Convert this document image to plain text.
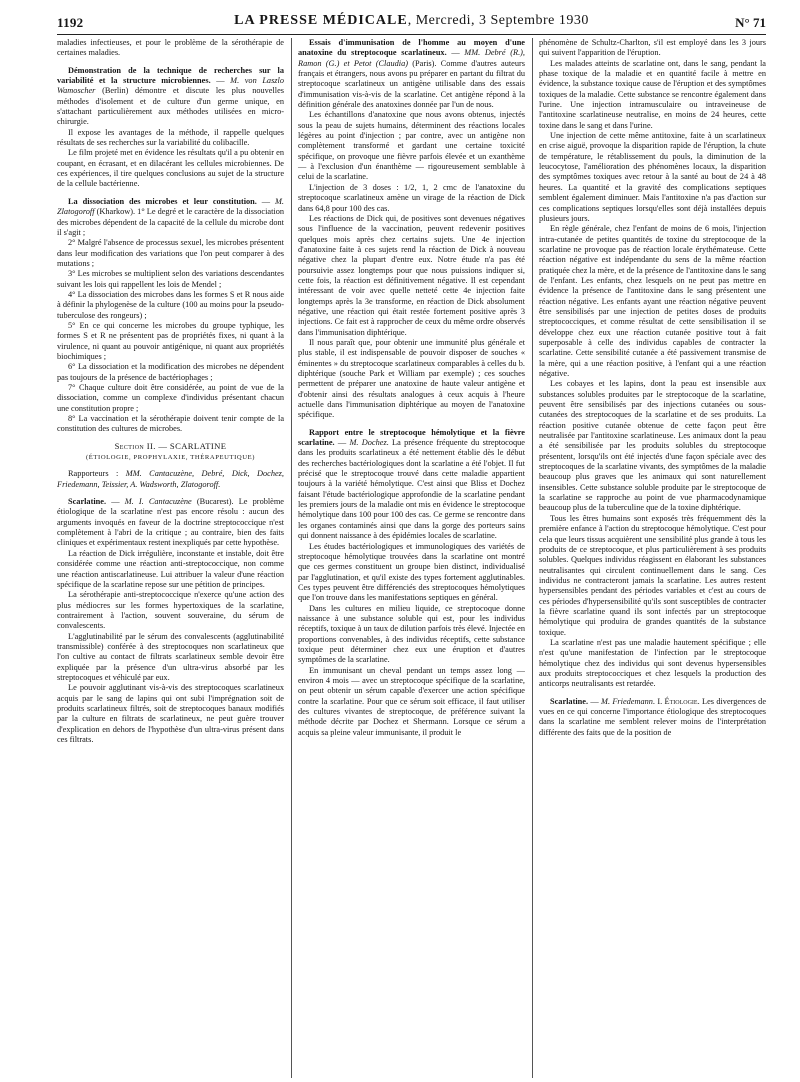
1192	LA PRESSE MÉDICALE, Mercredi, 3 Septembre 1930	N° 71

maladies infectieuses, et pour le problème de la sérothérapie de certaines maladies.

Démonstration de la technique de recherches sur la variabilité et la structure microbiennes. — M. von Laszlo Wamoscher (Berlin) démontre et discute les plus nouvelles méthodes d'isolement et de culture d'un germe unique, en s'attachant particulièrement aux méthodes utilisées en micro-chirurgie.

Il expose les avantages de la méthode, il rappelle quelques résultats de ses recherches sur la variabilité du colibacille.

Le film projeté met en évidence les résultats qu'il a pu obtenir en coupant, en écrasant, et en dilacérant les cellules microbiennes. De ces expériences, il tire quelques conclusions au sujet de la structure de la cellule bactérienne.

La dissociation des microbes et leur constitution. — M. Zlatogoroff (Kharkow). 1° Le degré et le caractère de la dissociation des microbes dépendent de la capacité de la cellule du microbe dont il s'agit ;

2° Malgré l'absence de processus sexuel, les microbes présentent dans leur modification des variations que l'on peut comparer à des mutations ;

3° Les microbes se multiplient selon des variations descendantes suivant les lois qui rappellent les lois de Mendel ;

4° La dissociation des microbes dans les formes S et R nous aide à définir la phylogenèse de la culture (100 au moins pour la pseudo-tuberculose des rongeurs) ;

5° En ce qui concerne les microbes du groupe typhique, les formes S et R ne présentent pas de propriétés fixes, ni quant à la virulence, ni quant au pouvoir antigénique, ni quant aux propriétés biochimiques ;

6° La dissociation et la modification des microbes ne dépendent pas toujours de la présence de bactériophages ;

7° Chaque culture doit être considérée, au point de vue de la dissociation, comme un complexe d'individus présentant chacun une constitution propre ;

8° La vaccination et la sérothérapie doivent tenir compte de la constitution des cultures de microbes.

Section II. — SCARLATINE
(ÉTIOLOGIE, PROPHYLAXIE, THÉRAPEUTIQUE)

Rapporteurs : MM. Cantacuzène, Debré, Dick, Dochez, Friedemann, Teissier, A. Wadsworth, Zlatogoroff.

Scarlatine. — M. I. Cantacuzène (Bucarest). Le problème étiologique de la scarlatine n'est pas encore résolu : aucun des arguments invoqués en faveur de la doctrine streptococcique n'est complètement à l'abri de la critique ; au contraire, bien des faits cliniques et expérimentaux restent inexpliqués par cette hypothèse.

La réaction de Dick irrégulière, inconstante et instable, doit être considérée comme une réaction anti-streptococcique, non comme une réaction antiscarlatineuse. Lui attribuer la valeur d'une réaction spécifique de la scarlatine repose sur une pétition de principes.

La sérothérapie anti-streptococcique n'exerce qu'une action des plus médiocres sur les formes hypertoxiques de la scarlatine, contrairement à l'action, souvent souveraine, du sérum de convalescents.

L'agglutinabilité par le sérum des convalescents (agglutinabilité transmissible) conférée à des streptocoques non scarlatineux que l'on cultive au contact de filtrats scarlatineux semble devoir être expliquée par la présence d'un ultra-virus absorbé par les streptocoques et véhiculé par eux.

Le pouvoir agglutinant vis-à-vis des streptocoques scarlatineux acquis par le sang de lapins qui ont subi l'imprégnation soit de produits scarlatineux filtrés, soit de streptocoques banaux modifiés par la culture en filtrats de scarlatineux, ne peut guère trouver d'explication en dehors de l'hypothèse d'un ultra-virus présent dans ces filtrats.

Essais d'immunisation de l'homme au moyen d'une anatoxine du streptocoque scarlatineux. — MM. Debré (R.), Ramon (G.) et Petot (Claudia) (Paris). Comme d'autres auteurs français et étrangers, nous avons pu préparer en partant du filtrat du streptocoque scarlatineux un antigène utilisable dans des essais d'immunisation vis-à-vis de la scarlatine. Cet antigène répond à la définition générale des anatoxines donnée par l'un de nous.

Les échantillons d'anatoxine que nous avons obtenus, injectés sous la peau de sujets humains, déterminent des réactions locales légères au point d'injection ; par contre, avec un antigène non complètement transformé et gardant une certaine toxicité spécifique, on provoque une fièvre parfois élevée et un exanthème — à l'exclusion d'un énanthème — rigoureusement semblable à celui de la scarlatine.

L'injection de 3 doses : 1/2, 1, 2 cmc de l'anatoxine du streptocoque scarlatineux amène un virage de la réaction de Dick dans 64,8 pour 100 des cas.

Les réactions de Dick qui, de positives sont devenues négatives sous l'influence de la vaccination, peuvent redevenir positives quelques mois après chez certains sujets. Une 4e injection d'anatoxine faite à ces sujets rend la réaction de Dick à nouveau négative chez la plupart d'entre eux. Notre étude n'a pas été poursuivie assez longtemps pour que nous puissions indiquer si, cette fois, la réaction est définitivement négative. Il est cependant intéressant de voir avec quelle netteté cette 4e injection faite longtemps après la 3e transforme, en réaction de Dick absolument négative, une réaction qui était restée fortement positive après 3 injections. Ce fait est à rapprocher de ceux du même ordre observés dans l'immunisation diphtérique.

Il nous paraît que, pour obtenir une immunité plus générale et plus stable, il est indispensable de pouvoir disposer de souches « éminentes » du streptocoque scarlatineux comparables à celles du b. diphtérique (souche Park et William par exemple) ; ces souches permettent de préparer une anatoxine de haute valeur antigène et d'obtenir ainsi des résultats analogues à ceux acquis à l'heure actuelle dans l'immunisation diphtérique au moyen de l'anatoxine spécifique.

Rapport entre le streptocoque hémolytique et la fièvre scarlatine. — M. Dochez. La présence fréquente du streptocoque dans les produits scarlatineux a été nettement établie dès le début des recherches bactériologiques dont la scarlatine a été l'objet. Il fut précisé que le streptocoque trouvé dans cette maladie appartient toujours à la variété hémolytique. C'est ainsi que Bliss et Dochez faisant l'étude bactériologique approfondie de la scarlatine pendant les premiers jours de la maladie ont mis en évidence le streptocoque hémolytique dans 100 pour 100 des cas. Ce germe se rencontre dans les organes contaminés ainsi que dans la gorge des porteurs sains qui donnent naissance à des épidémies locales de scarlatine.

Les études bactériologiques et immunologiques des variétés de streptocoque hémolytique trouvées dans la scarlatine ont montré que ces germes constituent un groupe bien distinct, individualisé par l'agglutination, et qu'il existe des types fortement agglutinables. Ces types peuvent être différenciés des streptocoques hémolytiques que l'on trouve dans les manifestations septiques en général.

Dans les cultures en milieu liquide, ce streptocoque donne naissance à une substance soluble qui est, pour les individus réceptifs, toxique à un taux de dilution parfois très élevé. Injectée en proportions convenables, à des individus réceptifs, cette substance toxique peut déterminer chez eux une éruption et d'autres symptômes de la scarlatine.

En immunisant un cheval pendant un temps assez long — environ 4 mois — avec un streptocoque spécifique de la scarlatine, on peut obtenir un sérum capable d'exercer une action spécifique contre la scarlatine. Pour que ce sérum soit efficace, il faut utiliser des cultures vivantes de streptocoque, de préférence suivant la méthode décrite par Dochez et Shermann. Lorsque ce sérum a acquis sa pleine valeur immunisante, il produit le

phénomène de Schultz-Charlton, s'il est employé dans les 3 jours qui suivent l'apparition de l'éruption.

Les malades atteints de scarlatine ont, dans le sang, pendant la phase toxique de la maladie et en quantité facile à mettre en évidence, la substance toxique cause de l'éruption et des symptômes toxiques de la maladie. Cette substance se rencontre également dans l'urine. Une injection intramusculaire ou intraveineuse de l'antitoxine scarlatineuse neutralise, en moins de 24 heures, cette toxine dans le sang et dans l'urine.

Une injection de cette même antitoxine, faite à un scarlatineux en crise aiguë, provoque la disparition rapide de l'éruption, la chute de température, le rétablissement du pouls, la diminution de la leucocytose, l'amélioration des phénomènes locaux, la disparition des symptômes toxiques avec retour à la santé au bout de 24 à 48 heures. La quantité et la gravité des complications septiques semblent également diminuer. Mais l'antitoxine n'a pas d'action sur ces complications septiques lorsqu'elles sont déjà installées depuis plusieurs jours.

En règle générale, chez l'enfant de moins de 6 mois, l'injection intra-cutanée de petites quantités de toxine du streptocoque de la scarlatine ne provoque pas de réaction locale érythémateuse. Cette réaction négative est indépendante du sens de la même réaction pratiquée chez la mère, et de la présence de l'antitoxine dans le sang de l'enfant. Les enfants, chez lesquels on ne peut pas mettre en évidence la présence de l'antitoxine dans le sang présentent une réaction négative. Les enfants ayant une réaction négative peuvent être sensibilisés par une injection de petites doses de produits streptococciques, et comme résultat de cette sensibilisation il se développe chez eux une réaction cutanée positive tout à fait superposable à celle des individus capables de contracter la scarlatine. Cette sensibilité cutanée a été passivement transmise de la mère, qui a une réaction positive, à l'enfant qui a une réaction négative.

Les cobayes et les lapins, dont la peau est insensible aux substances solubles produites par le streptocoque de la scarlatine, peuvent être sensibilisés par des injections cutanées ou sous-cutanées des streptocoques de la scarlatine et de ses produits. La réaction positive cutanée obtenue de cette façon peut être neutralisée par l'antitoxine scarlatineuse. Les animaux dont la peau a été sensibilisée par les produits solubles du streptocoque présentent, lorsqu'ils ont été injectés d'une façon spéciale avec des streptocoques de la scarlatine vivants, des symptômes de la maladie beaucoup plus graves que les animaux qui sont naturellement insensibles. Cette substance soluble produite par le streptocoque de la scarlatine se rapproche au point de vue pharmacodynamique beaucoup plus de la tuberculine que de la toxine diphtérique.

Tous les êtres humains sont exposés très fréquemment dès la première enfance à l'action du streptocoque hémolytique. C'est pour cela que leurs tissus acquièrent une sensibilité plus grande à tous les produits de ce streptocoque, et plus particulièrement à ses produits solubles. Quelques individus réagissent en élaborant les substances neutralisantes qui circulent continuellement dans le sang. Ces individus ne contracteront jamais la scarlatine. Les autres restent hypersensibles pendant des périodes variables et c'est au cours de ces périodes d'hypersensibilité qu'ils sont susceptibles de contracter la fièvre scarlatine quand ils sont infectés par un streptocoque hémolytique qui produira de grandes quantités de la substance toxique.

La scarlatine n'est pas une maladie hautement spécifique ; elle n'est qu'une manifestation de l'infection par le streptocoque hémolytique chez des individus qui sont devenus hypersensibles aux produits streptococciques et chez lesquels la production des anticorps neutralisants est retardée.

Scarlatine. — M. Friedemann. I. Étiologie. Les divergences de vues en ce qui concerne l'importance étiologique des streptocoques dans la scarlatine me semblent relever moins de l'interprétation différente des faits que de la position de
